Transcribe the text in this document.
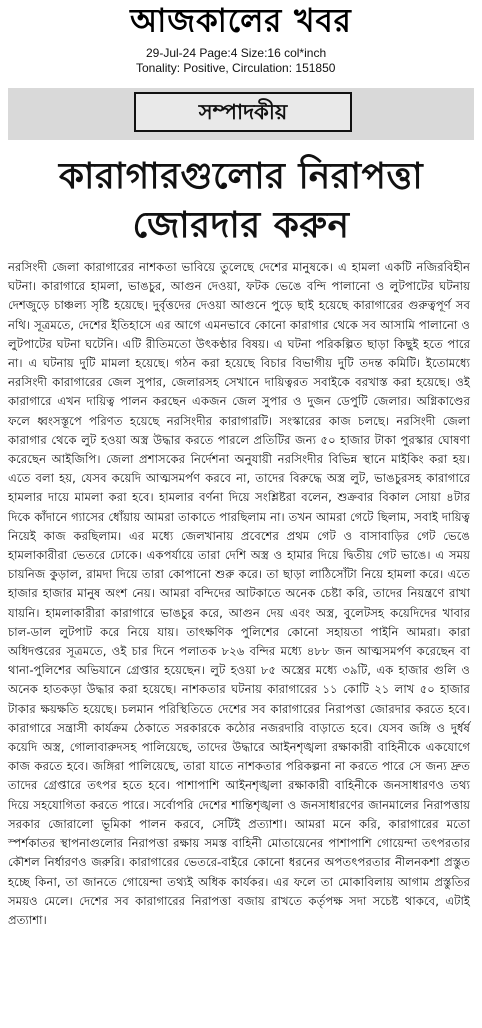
আজকালের খবর
29-Jul-24 Page:4 Size:16 col*inch
Tonality: Positive, Circulation: 151850
সম্পাদকীয়
কারাগারগুলোর নিরাপত্তা
জোরদার করুন

নরসিংদী জেলা কারাগারের নাশকতা ভাবিয়ে তুলেছে দেশের মানুষকে। এ হামলা একটি নজিরবিহীন ঘটনা। কারাগারে হামলা, ভাঙচুর, আগুন দেওয়া, ফটক ভেঙে বন্দি পালানো ও লুটপাটের ঘটনায় দেশজুড়ে চাঞ্চল্য সৃষ্টি হয়েছে। দুর্বৃত্তদের দেওয়া আগুনে পুড়ে ছাই হয়েছে কারাগারের গুরুত্বপূর্ণ সব নথি। সূত্রমতে, দেশের ইতিহাসে এর আগে এমনভাবে কোনো কারাগার থেকে সব আসামি পালানো ও লুটপাটের ঘটনা ঘটেনি। এটি রীতিমতো উৎকণ্ঠার বিষয়। এ ঘটনা পরিকল্পিত ছাড়া কিছুই হতে পারে না। এ ঘটনায় দুটি মামলা হয়েছে। গঠন করা হয়েছে বিচার বিভাগীয় দুটি তদন্ত কমিটি। ইতোমধ্যে নরসিংদী কারাগারের জেল সুপার, জেলারসহ সেখানে দায়িত্বরত সবাইকে বরখাস্ত করা হয়েছে। ওই কারাগারে এখন দায়িত্ব পালন করছেন একজন জেল সুপার ও দুজন ডেপুটি জেলার। অগ্নিকাণ্ডের ফলে ধ্বংসস্তূপে পরিণত হয়েছে নরসিংদীর কারাগারটি। সংস্কারের কাজ চলছে। নরসিংদী জেলা কারাগার থেকে লুট হওয়া অস্ত্র উদ্ধার করতে পারলে প্রতিটির জন্য ৫০ হাজার টাকা পুরস্কার ঘোষণা করেছেন আইজিপি। জেলা প্রশাসকের নির্দেশনা অনুযায়ী নরসিংদীর বিভিন্ন স্থানে মাইকিং করা হয়। এতে বলা হয়, যেসব কয়েদি আত্মসমর্পণ করবে না, তাদের বিরুদ্ধে অস্ত্র লুট, ভাঙচুরসহ কারাগারে হামলার দায়ে মামলা করা হবে। হামলার বর্ণনা দিয়ে সংশ্লিষ্টরা বলেন, শুক্রবার বিকাল সোয়া ৪টার দিকে কাঁদানে গ্যাসের ধোঁয়ায় আমরা তাকাতে পারছিলাম না। তখন আমরা গেটে ছিলাম, সবাই দায়িত্ব নিয়েই কাজ করছিলাম। এর মধ্যে জেলখানায় প্রবেশের প্রথম গেট ও বাসাবাড়ির গেট ভেঙে হামলাকারীরা ভেতরে ঢোকে। একপর্যায়ে তারা দেশি অস্ত্র ও হামার দিয়ে দ্বিতীয় গেট ভাঙে। এ সময় চায়নিজ কুড়াল, রামদা দিয়ে তারা কোপানো শুরু করে। তা ছাড়া লাঠিসোঁটা নিয়ে হামলা করে। এতে হাজার হাজার মানুষ অংশ নেয়। আমরা বন্দিদের আটকাতে অনেক চেষ্টা করি, তাদের নিয়ন্ত্রণে রাখা যায়নি। হামলাকারীরা কারাগারে ভাঙচুর করে, আগুন দেয় এবং অস্ত্র, বুলেটসহ কয়েদিদের খাবার চাল-ডাল লুটপাট করে নিয়ে যায়। তাৎক্ষণিক পুলিশের কোনো সহায়তা পাইনি আমরা। কারা অধিদপ্তরের সূত্রমতে, ওই চার দিনে পলাতক ৮২৬ বন্দির মধ্যে ৪৮৮ জন আত্মসমর্পণ করেছেন বা থানা-পুলিশের অভিযানে গ্রেপ্তার হয়েছেন। লুট হওয়া ৮৫ অস্ত্রের মধ্যে ৩৯টি, এক হাজার গুলি ও অনেক হাতকড়া উদ্ধার করা হয়েছে। নাশকতার ঘটনায় কারাগারের ১১ কোটি ২১ লাখ ৫০ হাজার টাকার ক্ষয়ক্ষতি হয়েছে। চলমান পরিস্থিতিতে দেশের সব কারাগারের নিরাপত্তা জোরদার করতে হবে। কারাগারে সন্ত্রাসী কার্যক্রম ঠেকাতে সরকারকে কঠোর নজরদারি বাড়াতে হবে। যেসব জঙ্গি ও দুর্ধর্ষ কয়েদি অস্ত্র, গোলাবারুদসহ পালিয়েছে, তাদের উদ্ধারে আইনশৃঙ্খলা রক্ষাকারী বাহিনীকে একযোগে কাজ করতে হবে। জঙ্গিরা পালিয়েছে, তারা যাতে নাশকতার পরিকল্পনা না করতে পারে সে জন্য দ্রুত তাদের গ্রেপ্তারে তৎপর হতে হবে। পাশাপাশি আইনশৃঙ্খলা রক্ষাকারী বাহিনীকে জনসাধারণও তথ্য দিয়ে সহযোগিতা করতে পারে। সর্বোপরি দেশের শান্তিশৃঙ্খলা ও জনসাধারণের জানমালের নিরাপত্তায় সরকার জোরালো ভূমিকা পালন করবে, সেটিই প্রত্যাশা। আমরা মনে করি, কারাগারের মতো স্পর্শকাতর স্থাপনাগুলোর নিরাপত্তা রক্ষায় সমস্ত বাহিনী মোতায়েনের পাশাপাশি গোয়েন্দা তৎপরতার কৌশল নির্ধারণও জরুরি। কারাগারের ভেতরে-বাইরে কোনো ধরনের অপতৎপরতার নীলনকশা প্রস্তুত হচ্ছে কিনা, তা জানতে গোয়েন্দা তথ্যই অধিক কার্যকর। এর ফলে তা মোকাবিলায় আগাম প্রস্তুতির সময়ও মেলে। দেশের সব কারাগারের নিরাপত্তা বজায় রাখতে কর্তৃপক্ষ সদা সচেষ্ট থাকবে, এটাই প্রত্যাশা।
